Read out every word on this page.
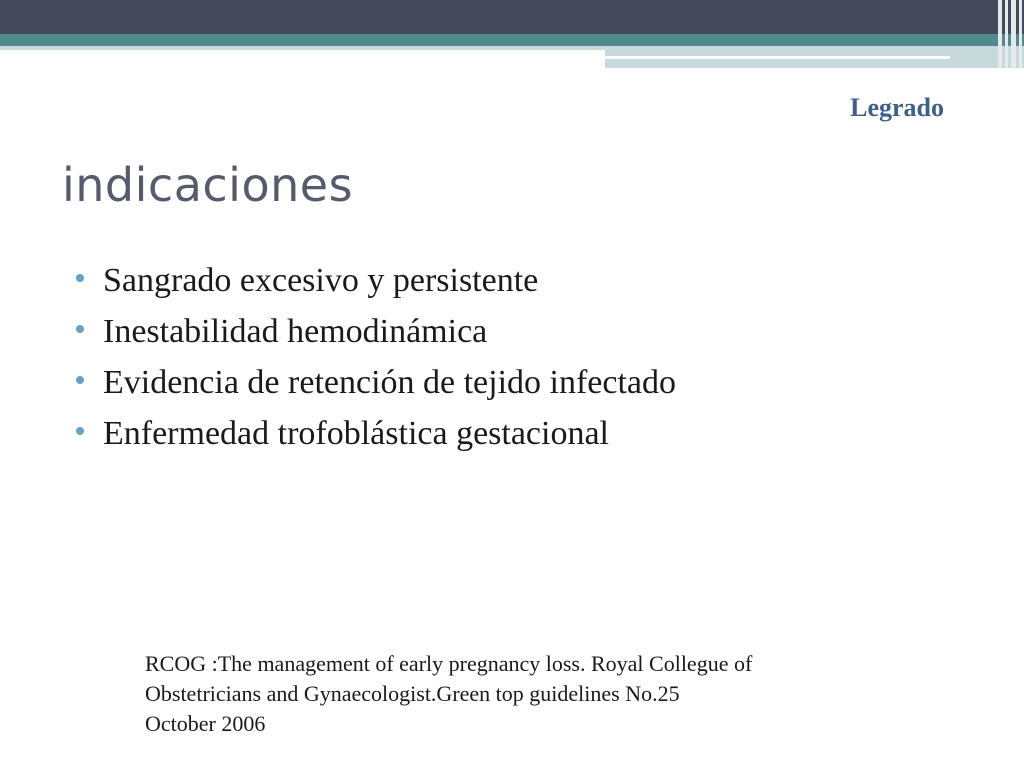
Legrado
indicaciones
Sangrado excesivo y persistente
Inestabilidad hemodinámica
Evidencia de retención de tejido infectado
Enfermedad trofoblástica gestacional
RCOG :The management of early pregnancy loss. Royal Collegue of
Obstetricians and Gynaecologist.Green top guidelines No.25
October 2006
